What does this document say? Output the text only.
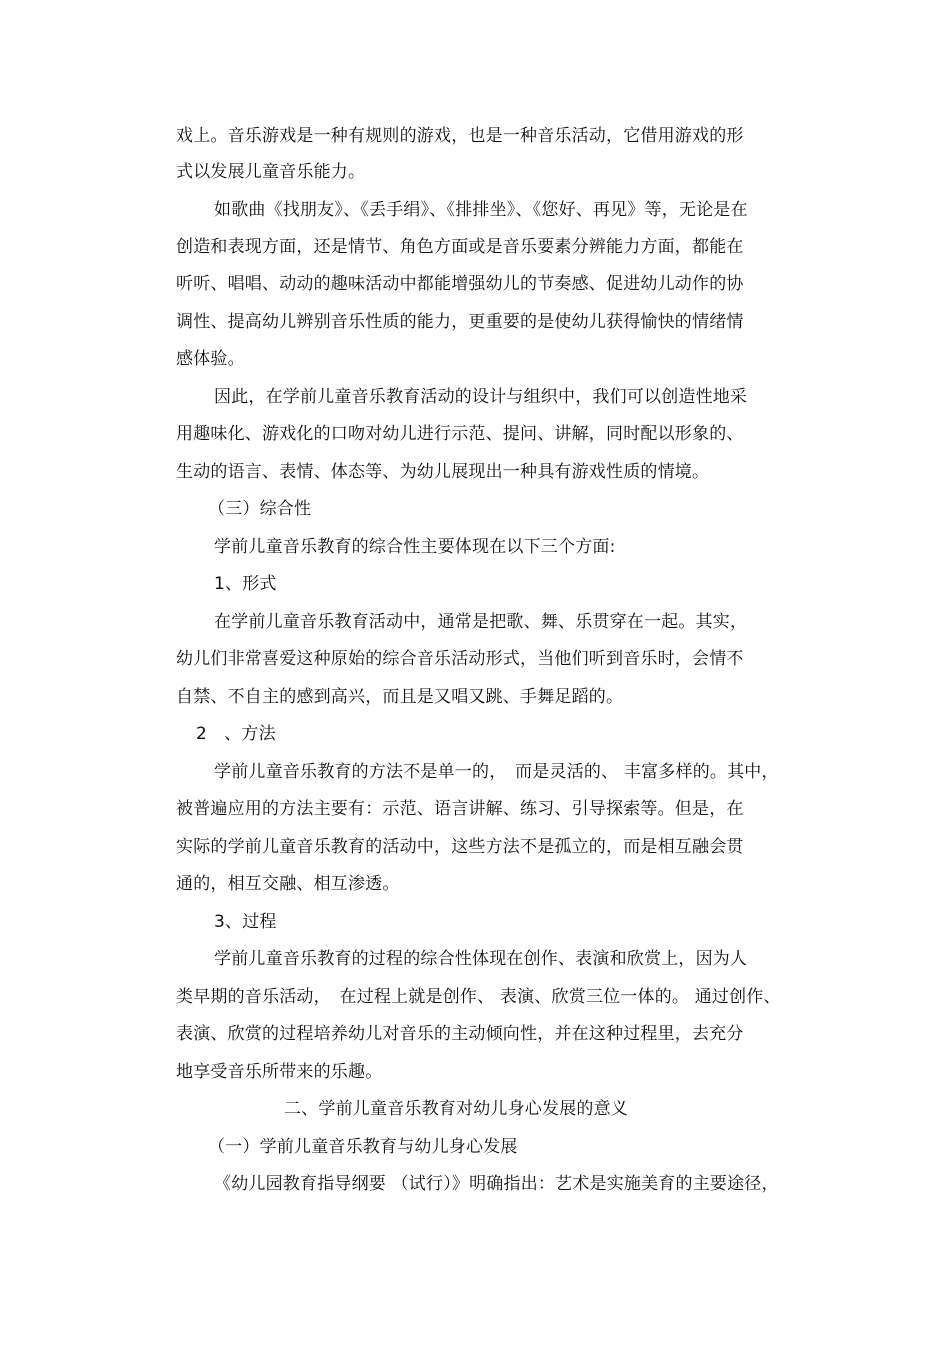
戏上。音乐游戏是一种有规则的游戏，也是一种音乐活动，它借用游戏的形
式以发展儿童音乐能力。
如歌曲《找朋友》、《丢手绢》、《排排坐》、《您好、再见》等，无论是在
创造和表现方面，还是情节、角色方面或是音乐要素分辨能力方面，都能在
听听、唱唱、动动的趣味活动中都能增强幼儿的节奏感、促进幼儿动作的协
调性、提高幼儿辨别音乐性质的能力，更重要的是使幼儿获得愉快的情绪情
感体验。
因此，在学前儿童音乐教育活动的设计与组织中，我们可以创造性地采
用趣味化、游戏化的口吻对幼儿进行示范、提问、讲解，同时配以形象的、
生动的语言、表情、体态等、为幼儿展现出一种具有游戏性质的情境。
（三）综合性
学前儿童音乐教育的综合性主要体现在以下三个方面:
1、形式
在学前儿童音乐教育活动中，通常是把歌、舞、乐贯穿在一起。其实，
幼儿们非常喜爱这种原始的综合音乐活动形式，当他们听到音乐时，会情不
自禁、不自主的感到高兴，而且是又唱又跳、手舞足蹈的。
2　、方法
学前儿童音乐教育的方法不是单一的，　而是灵活的、 丰富多样的。其中，
被普遍应用的方法主要有：示范、语言讲解、练习、引导探索等。但是，在
实际的学前儿童音乐教育的活动中，这些方法不是孤立的，而是相互融会贯
通的，相互交融、相互渗透。
3、过程
学前儿童音乐教育的过程的综合性体现在创作、表演和欣赏上，因为人
类早期的音乐活动，　在过程上就是创作、 表演、欣赏三位一体的。 通过创作、
表演、欣赏的过程培养幼儿对音乐的主动倾向性，并在这种过程里，去充分
地享受音乐所带来的乐趣。
二、学前儿童音乐教育对幼儿身心发展的意义
（一）学前儿童音乐教育与幼儿身心发展
《幼儿园教育指导纲要 （试行）》明确指出：艺术是实施美育的主要途径，
